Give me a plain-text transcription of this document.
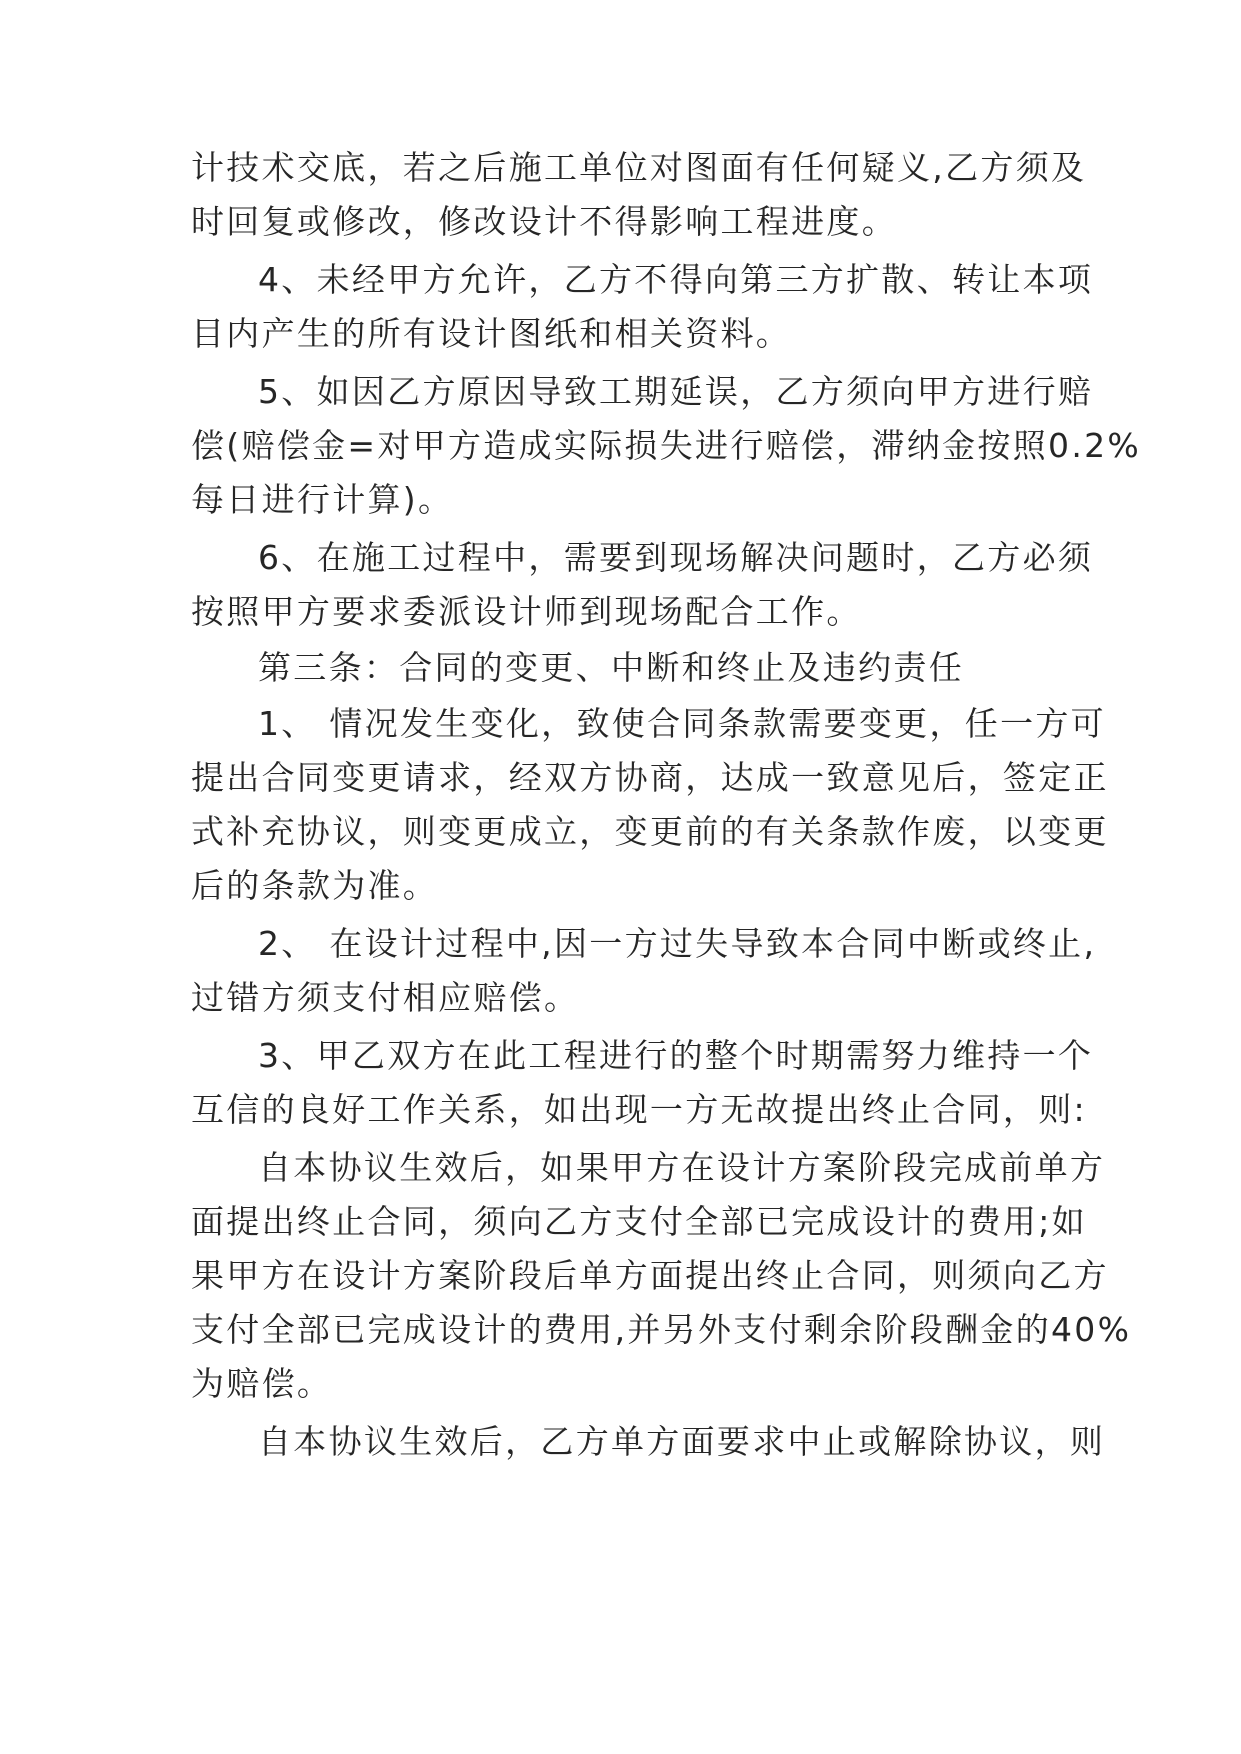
计技术交底，若之后施工单位对图面有任何疑义,乙方须及
时回复或修改，修改设计不得影响工程进度。
4、未经甲方允许，乙方不得向第三方扩散、转让本项
目内产生的所有设计图纸和相关资料。
5、如因乙方原因导致工期延误，乙方须向甲方进行赔
偿(赔偿金=对甲方造成实际损失进行赔偿，滞纳金按照0.2%
每日进行计算)。
6、在施工过程中，需要到现场解决问题时，乙方必须
按照甲方要求委派设计师到现场配合工作。
第三条：合同的变更、中断和终止及违约责任
1、 情况发生变化，致使合同条款需要变更，任一方可
提出合同变更请求，经双方协商，达成一致意见后，签定正
式补充协议，则变更成立，变更前的有关条款作废，以变更
后的条款为准。
2、 在设计过程中,因一方过失导致本合同中断或终止,
过错方须支付相应赔偿。
3、甲乙双方在此工程进行的整个时期需努力维持一个
互信的良好工作关系，如出现一方无故提出终止合同，则:
自本协议生效后，如果甲方在设计方案阶段完成前单方
面提出终止合同，须向乙方支付全部已完成设计的费用;如
果甲方在设计方案阶段后单方面提出终止合同，则须向乙方
支付全部已完成设计的费用,并另外支付剩余阶段酬金的40%
为赔偿。
自本协议生效后，乙方单方面要求中止或解除协议，则
